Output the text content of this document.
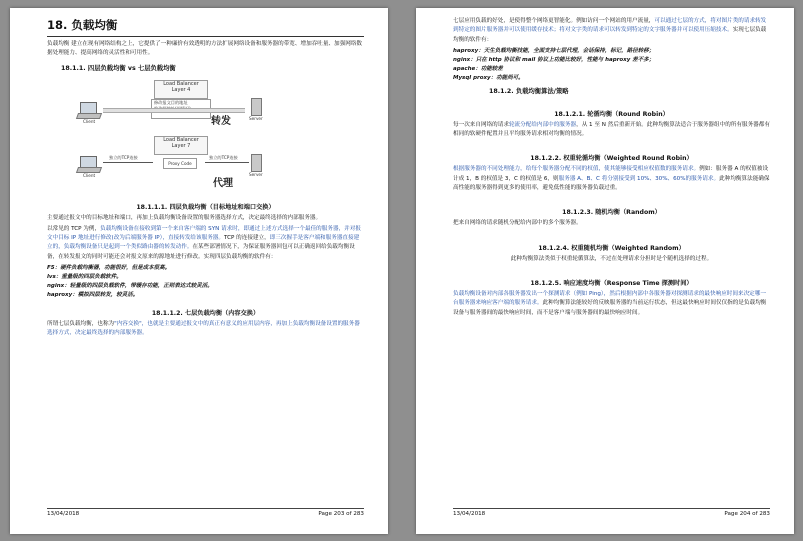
18. 负载均衡

负载均衡 建立在现有网络结构之上，它提供了一种廉价有效透明的方法扩展网络设备和服务器的带宽、增加吞吐量、加强网络数据处理能力、提高网络的灵活性和可用性。

18.1.1. 四层负载均衡 vs 七层负载均衡
Client
Load Balancer
Layer 4
修改报文目的地址
转发	Server
Client
Load Balancer
Layer 7
Proxy Code
独立的TCP连接	独立的TCP连接
代理
Server
18.1.1.1. 四层负载均衡（目标地址和端口交换）

主要通过报文中的目标地址和端口，再加上负载均衡设备设置的服务器选择方式，决定最终选择的内部服务器。

以常见的 TCP 为例，负载均衡设备在接收到第一个来自客户端的 SYN 请求时，即通过上述方式选择一个最佳的服务器，并对报文中目标 IP 地址进行修改(改为后端服务器 IP），直接转发给该服务器。TCP 的连接建立，即三次握手是客户端和服务器直接建立的，负载均衡设备只是起到一个类似路由器的转发动作。在某些部署情况下，为保证服务器回包可以正确返回给负载均衡设备，在转发报文的同时可能还会对报文原来的源地址进行修改。实现四层负载均衡的软件有：

F5：硬件负载均衡器，功能很好，但是成本很高。

lvs：重量级的四层负载软件。

nginx：轻量级的四层负载软件，带缓存功能，正则表达式较灵活。

haproxy：模拟四层转发，较灵活。

18.1.1.2. 七层负载均衡（内容交换）

所谓七层负载均衡，也称为"内容交换"，也就是主要通过报文中的真正有意义的应用层内容，再加上负载均衡设备设置的服务器选择方式，决定最终选择的内部服务器。

13/04/2018	Page 203 of 283

七层应用负载的好处，是使得整个网络更智能化。例如访问一个网站的用户流量，可以通过七层的方式，将对图片类的请求转发到特定的图片服务器并可以使用缓存技术；将对文字类的请求可以转发到特定的文字服务器并可以使用压缩技术。实现七层负载均衡的软件有：

haproxy：天生负载均衡技能，全面支持七层代理，会话保持，标记，路径转移；

nginx：只在 http 协议和 mail 协议上功能比较好，性能与 haproxy 差不多；

apache：功能较差

Mysql proxy：功能尚可。

18.1.2. 负载均衡算法/策略
18.1.2.1. 轮循均衡（Round Robin）

每一次来自网络的请求轮流分配给内部中的服务器，从 1 至 N 然后重新开始。此种均衡算法适合于服务器组中的所有服务器都有相同的软硬件配置并且平均服务请求相对均衡的情况。

18.1.2.2. 权重轮循均衡（Weighted Round Robin）

根据服务器的不同处理能力，给每个服务器分配不同的权值，使其能够接受相应权值数的服务请求。例如：服务器 A 的权值被设计成 1，B 的权值是 3，C 的权值是 6，则服务器 A、B、C 将分别接受到 10%、30%、60%的服务请求。此种均衡算法能确保高性能的服务器得到更多的使用率，避免低性能的服务器负载过重。

18.1.2.3. 随机均衡（Random）

把来自网络的请求随机分配给内部中的多个服务器。

18.1.2.4. 权重随机均衡（Weighted Random）

此种均衡算法类似于权重轮循算法，不过在处理请求分担时是个随机选择的过程。

18.1.2.5. 响应速度均衡（Response Time 探测时间）

负载均衡设备对内部各服务器发出一个探测请求（例如 Ping），然后根据内部中各服务器对探测请求的最快响应时间来决定哪一台服务器来响应客户端的服务请求。此种均衡算法能较好的反映服务器的当前运行状态，但这最快响应时间仅仅指的是负载均衡设备与服务器间的最快响应时间，而不是客户端与服务器间的最快响应时间。

13/04/2018	Page 204 of 283
